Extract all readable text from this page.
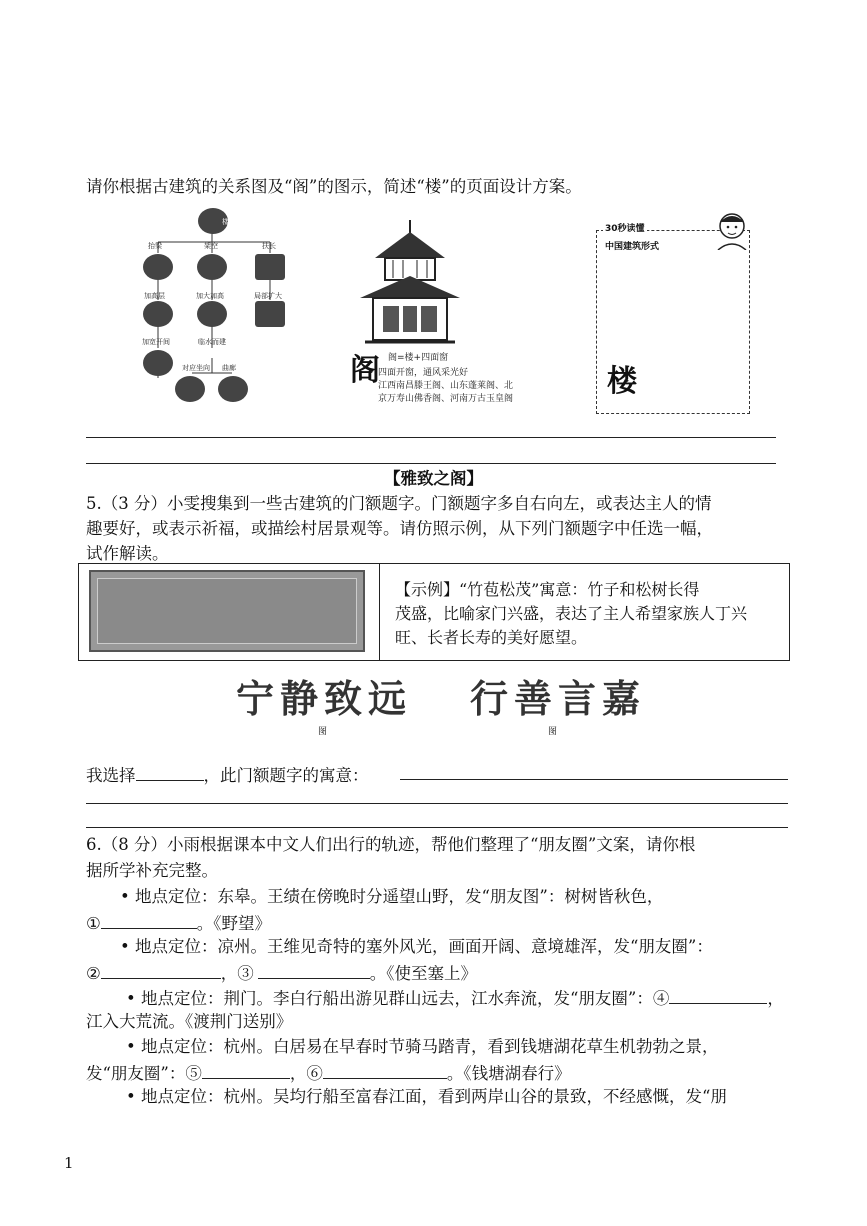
请你根据古建筑的关系图及“阁”的图示，简述“楼”的页面设计方案。
楼
抬梁	架空	扶长
加高层	加大加高	局部扩大
加宽开间	临水而建
对应坐向 曲廊	阁 阁=楼+四面窗
四面开窗，通风采光好
江西南昌滕王阁、山东蓬莱阁、北
京万寿山佛香阁、河南万古玉皇阁
30秒读懂
中国建筑形式
楼
【雅致之阁】
5.（3 分）小雯搜集到一些古建筑的门额题字。门额题字多自右向左，或表达主人的情
趣要好，或表示祈福，或描绘村居景观等。请仿照示例，从下列门额题字中任选一幅，
试作解读。
【示例】“竹苞松茂”寓意：竹子和松树长得
茂盛，比喻家门兴盛，表达了主人希望家族人丁兴
旺、长者长寿的美好愿望。
宁静致远 行善言嘉
图	图
我选择	，此门额题字的寓意：
6.（8 分）小雨根据课本中文人们出行的轨迹，帮他们整理了“朋友圈”文案，请你根
据所学补充完整。
• 地点定位：东皋。王绩在傍晚时分遥望山野，发“朋友图”：树树皆秋色，
①	。《野望》
• 地点定位：凉州。王维见奇特的塞外风光，画面开阔、意境雄浑，发“朋友圈”：
②	，③	。《使至塞上》
• 地点定位：荆门。李白行船出游见群山远去，江水奔流，发“朋友圈”：④	，
江入大荒流。《渡荆门送别》
• 地点定位：杭州。白居易在早春时节骑马踏青，看到钱塘湖花草生机勃勃之景，
发“朋友圈”：⑤	，⑥	。《钱塘湖春行》
• 地点定位：杭州。吴均行船至富春江面，看到两岸山谷的景致，不经感慨，发“朋
1
